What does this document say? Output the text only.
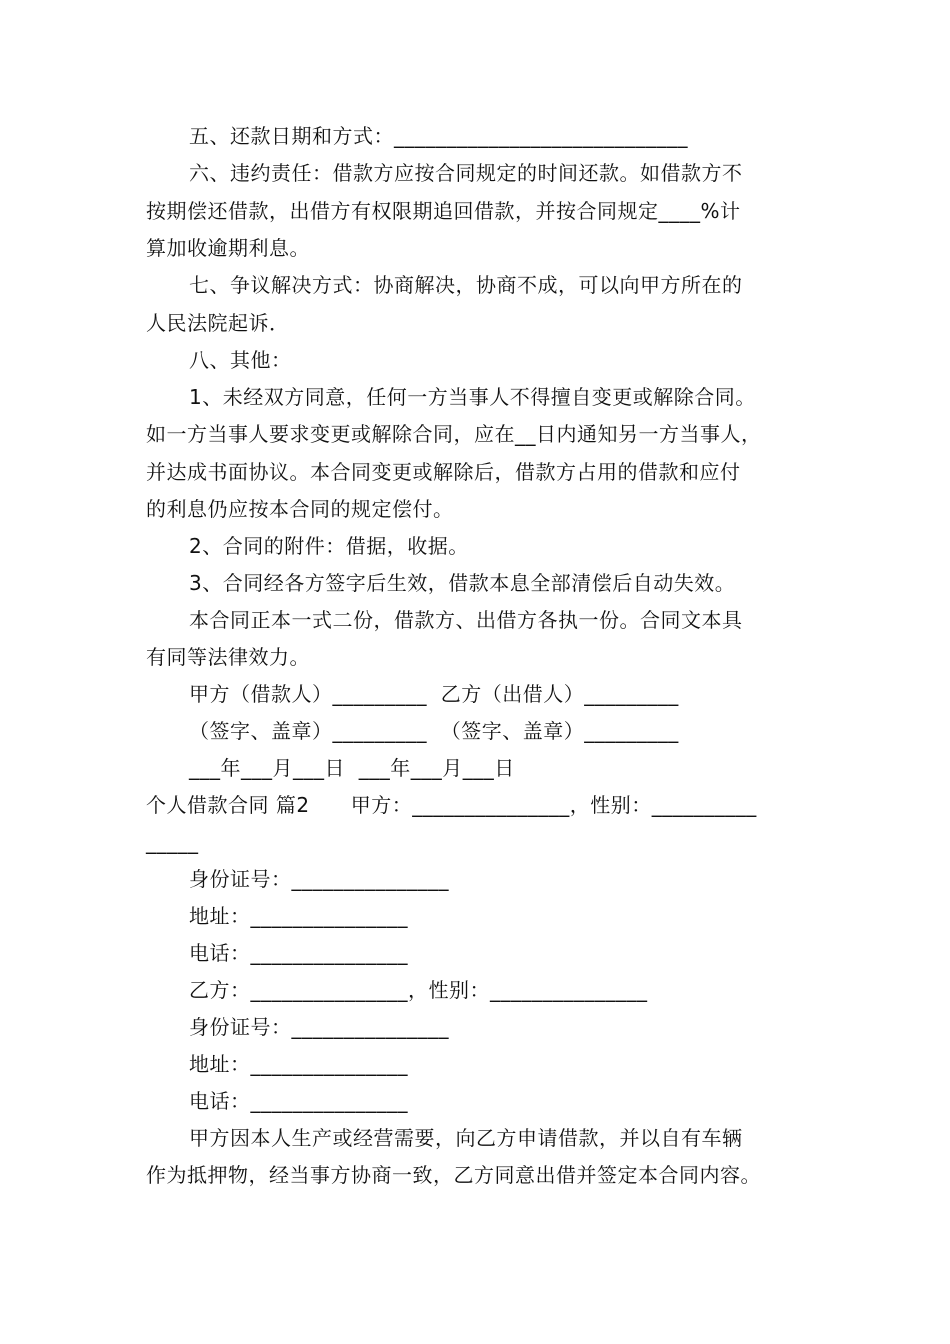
五、还款日期和方式：____________________________
六、违约责任：借款方应按合同规定的时间还款。如借款方不
按期偿还借款，出借方有权限期追回借款，并按合同规定____%计
算加收逾期利息。
七、争议解决方式：协商解决，协商不成，可以向甲方所在的
人民法院起诉．
八、其他：
1、未经双方同意，任何一方当事人不得擅自变更或解除合同。
如一方当事人要求变更或解除合同，应在__日内通知另一方当事人，
并达成书面协议。本合同变更或解除后，借款方占用的借款和应付
的利息仍应按本合同的规定偿付。
2、合同的附件：借据，收据。
3、合同经各方签字后生效，借款本息全部清偿后自动失效。
本合同正本一式二份，借款方、出借方各执一份。合同文本具
有同等法律效力。
甲方（借款人）_________  乙方（出借人）_________
（签字、盖章）_________  （签字、盖章）_________
___年___月___日  ___年___月___日
个人借款合同 篇2      甲方：_______________，性别：__________
_____
身份证号：_______________
地址：_______________
电话：_______________
乙方：_______________，性别：_______________
身份证号：_______________
地址：_______________
电话：_______________
甲方因本人生产或经营需要，向乙方申请借款，并以自有车辆
作为抵押物，经当事方协商一致，乙方同意出借并签定本合同内容。
